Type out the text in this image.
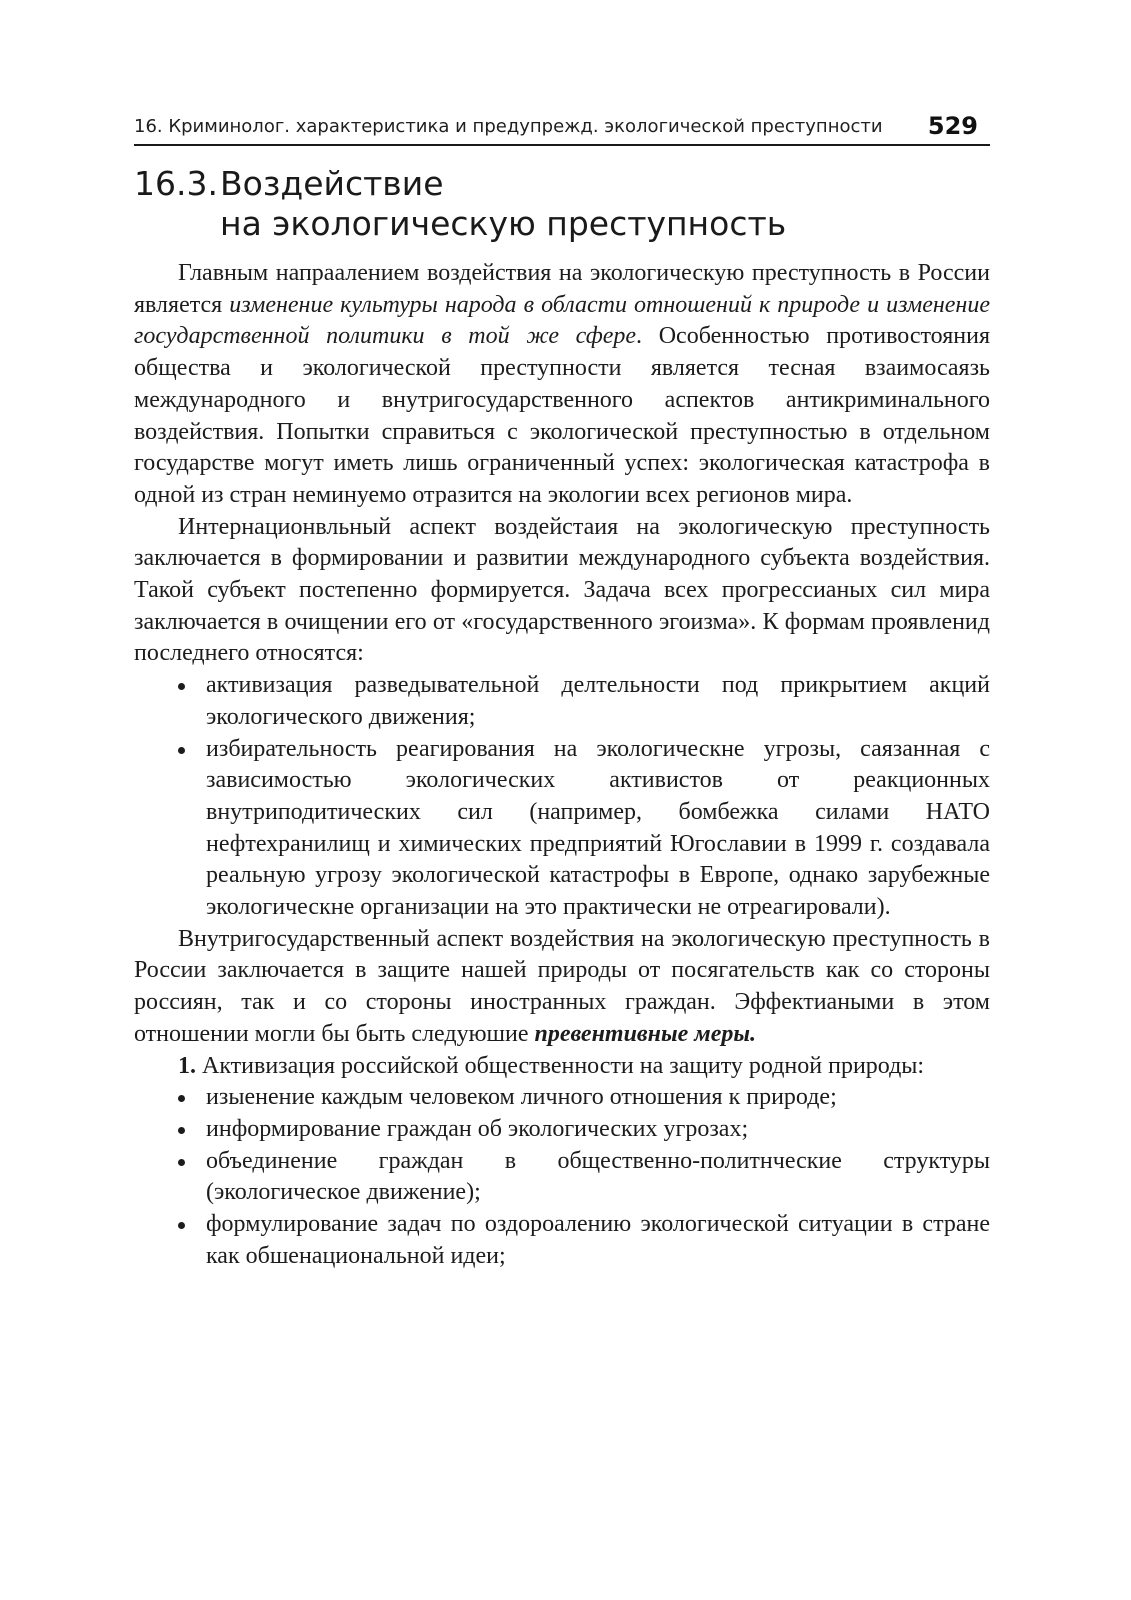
16. Криминолог. характеристика и предупрежд. экологической преступности 529
16.3.Воздействие
на экологическую преступность

Главным напраалением воздействия на экологическую преступность в России является изменение культуры народа в области отношений к природе и изменение государственной политики в той же сфере. Особенностью противостояния общества и экологической преступности является тесная взаимосаязь международного и внутригосударственного аспектов антикриминального воздействия. Попытки справиться с экологической преступностью в отдельном государстве могут иметь лишь ограниченный успех: экологическая катастрофа в одной из стран неминуемо отразится на экологии всех регионов мира.

Интернационвльный аспект воздейстаия на экологическую преступность заключается в формировании и развитии международного субъекта воздействия. Такой субъект постепенно формируется. Задача всех прогрессиaных сил мира заключается в очищении его от «государственного эгоизма». К формам проявленид последнего относятся:

активизация разведывательной делтельности под прикрытием акций экологического движения;
избирательность реагирования на экологическне угрозы, саязанная с зависимостью экологических активистов от реакционных внутриподитических сил (например, бомбежка силами НАТО нефтехранилищ и химических предприятий Югославии в 1999 г. создавала реальную угрозу экологической катастрофы в Европе, однако зарубежные экологическне организации на это практически не отреагировали).

Внутригосударственный аспект воздействия на экологическую преступность в России заключается в защите нашей природы от посягательств как со стороны россиян, так и со стороны иностранных граждан. Эффектиаными в этом отношении могли бы быть следуюшие превентивные меры.

1. Активизация российской общественности на защиту родной природы:

изыенение каждым человеком личного отношения к природе;
информирование граждан об экологических угрозах;
объединение граждан в общественно-политнческие структуры (экологическое движение);
формулирование задач по оздороалению экологической ситуации в стране как обшенациональной идеи;
